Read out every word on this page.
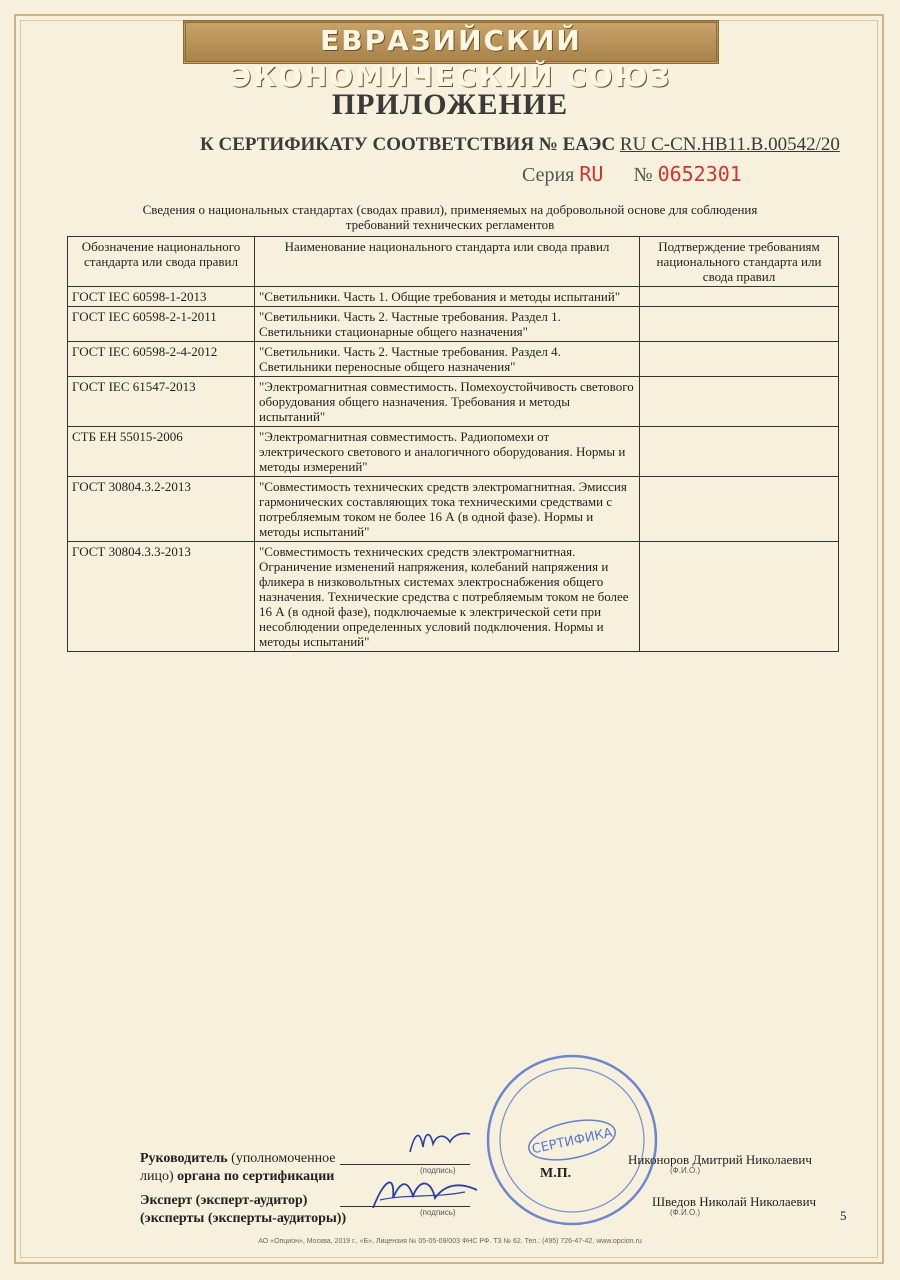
ЕВРАЗИЙСКИЙ ЭКОНОМИЧЕСКИЙ СОЮЗ
ПРИЛОЖЕНИЕ
К СЕРТИФИКАТУ СООТВЕТСТВИЯ № ЕАЭС RU C-CN.НВ11.В.00542/20
Серия RU № 0652301
Сведения о национальных стандартах (сводах правил), применяемых на добровольной основе для соблюдения требований технических регламентов
Обозначение национального стандарта или свода правил	Наименование национального стандарта или свода правил	Подтверждение требованиям национального стандарта или свода правил
ГОСТ IEC 60598-1-2013	"Светильники. Часть 1. Общие требования и методы испытаний"	
ГОСТ IEC 60598-2-1-2011	"Светильники. Часть 2. Частные требования. Раздел 1. Светильники стационарные общего назначения"	
ГОСТ IEC 60598-2-4-2012	"Светильники. Часть 2. Частные требования. Раздел 4. Светильники переносные общего назначения"	
ГОСТ IEC 61547-2013	"Электромагнитная совместимость. Помехоустойчивость светового оборудования общего назначения. Требования и методы испытаний"	
СТБ ЕН 55015-2006	"Электромагнитная совместимость. Радиопомехи от электрического светового и аналогичного оборудования. Нормы и методы измерений"	
ГОСТ 30804.3.2-2013	"Совместимость технических средств электромагнитная. Эмиссия гармонических составляющих тока техническими средствами с потребляемым током не более 16 А (в одной фазе). Нормы и методы испытаний"	
ГОСТ 30804.3.3-2013	"Совместимость технических средств электромагнитная. Ограничение изменений напряжения, колебаний напряжения и фликера в низковольтных системах электроснабжения общего назначения. Технические средства с потребляемым током не более 16 А (в одной фазе), подключаемые к электрической сети при несоблюдении определенных условий подключения. Нормы и методы испытаний"	
СЕРТИФИКА
Руководитель (уполномоченное
лицо) органа по сертификации	(подпись)
Никоноров Дмитрий Николаевич
(Ф.И.О.)
М.П.
Эксперт (эксперт-аудитор)
(эксперты (эксперты-аудиторы))	(подпись)
Шведов Николай Николаевич
(Ф.И.О.)	5
АО «Опцион», Москва, 2019 г., «Б», Лицензия № 05-05-09/003 ФНС РФ. ТЗ № 62. Тел.: (495) 726-47-42, www.opcion.ru
